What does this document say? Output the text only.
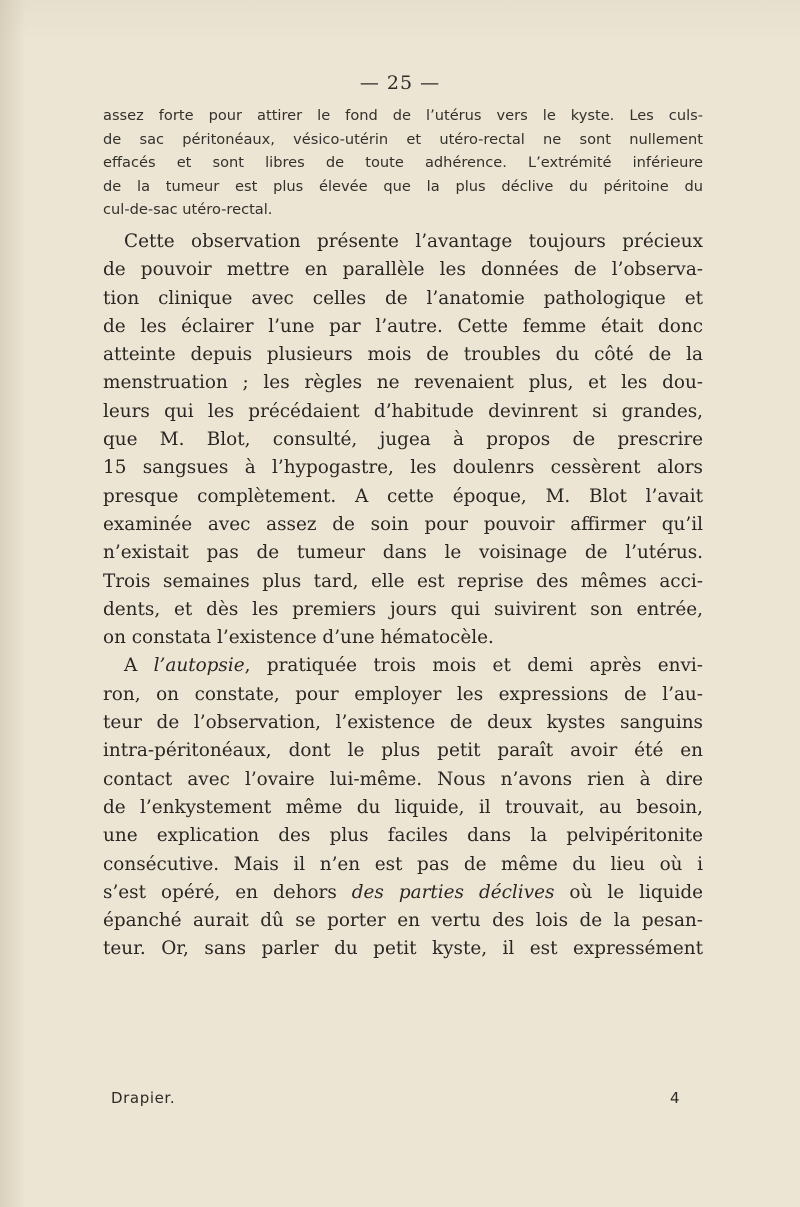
— 25 —
assez forte pour attirer le fond de l’utérus vers le kyste. Les culs-
de sac péritonéaux, vésico-utérin et utéro-rectal ne sont nullement
effacés et sont libres de toute adhérence. L’extrémité inférieure
de la tumeur est plus élevée que la plus déclive du péritoine du
cul-de-sac utéro-rectal.
Cette observation présente l’avantage toujours précieux
de pouvoir mettre en parallèle les données de l’observa-
tion clinique avec celles de l’anatomie pathologique et
de les éclairer l’une par l’autre. Cette femme était donc
atteinte depuis plusieurs mois de troubles du côté de la
menstruation ; les règles ne revenaient plus, et les dou-
leurs qui les précédaient d’habitude devinrent si grandes,
que M. Blot, consulté, jugea à propos de prescrire
15 sangsues à l’hypogastre, les doulenrs cessèrent alors
presque complètement. A cette époque, M. Blot l’avait
examinée avec assez de soin pour pouvoir affirmer qu’il
n’existait pas de tumeur dans le voisinage de l’utérus.
Trois semaines plus tard, elle est reprise des mêmes acci-
dents, et dès les premiers jours qui suivirent son entrée,
on constata l’existence d’une hématocèle.
A l’autopsie, pratiquée trois mois et demi après envi-
ron, on constate, pour employer les expressions de l’au-
teur de l’observation, l’existence de deux kystes sanguins
intra-péritonéaux, dont le plus petit paraît avoir été en
contact avec l’ovaire lui-même. Nous n’avons rien à dire
de l’enkystement même du liquide, il trouvait, au besoin,
une explication des plus faciles dans la pelvipéritonite
consécutive. Mais il n’en est pas de même du lieu où i
s’est opéré, en dehors des parties déclives où le liquide
épanché aurait dû se porter en vertu des lois de la pesan-
teur. Or, sans parler du petit kyste, il est expressément
Drapier.	4
